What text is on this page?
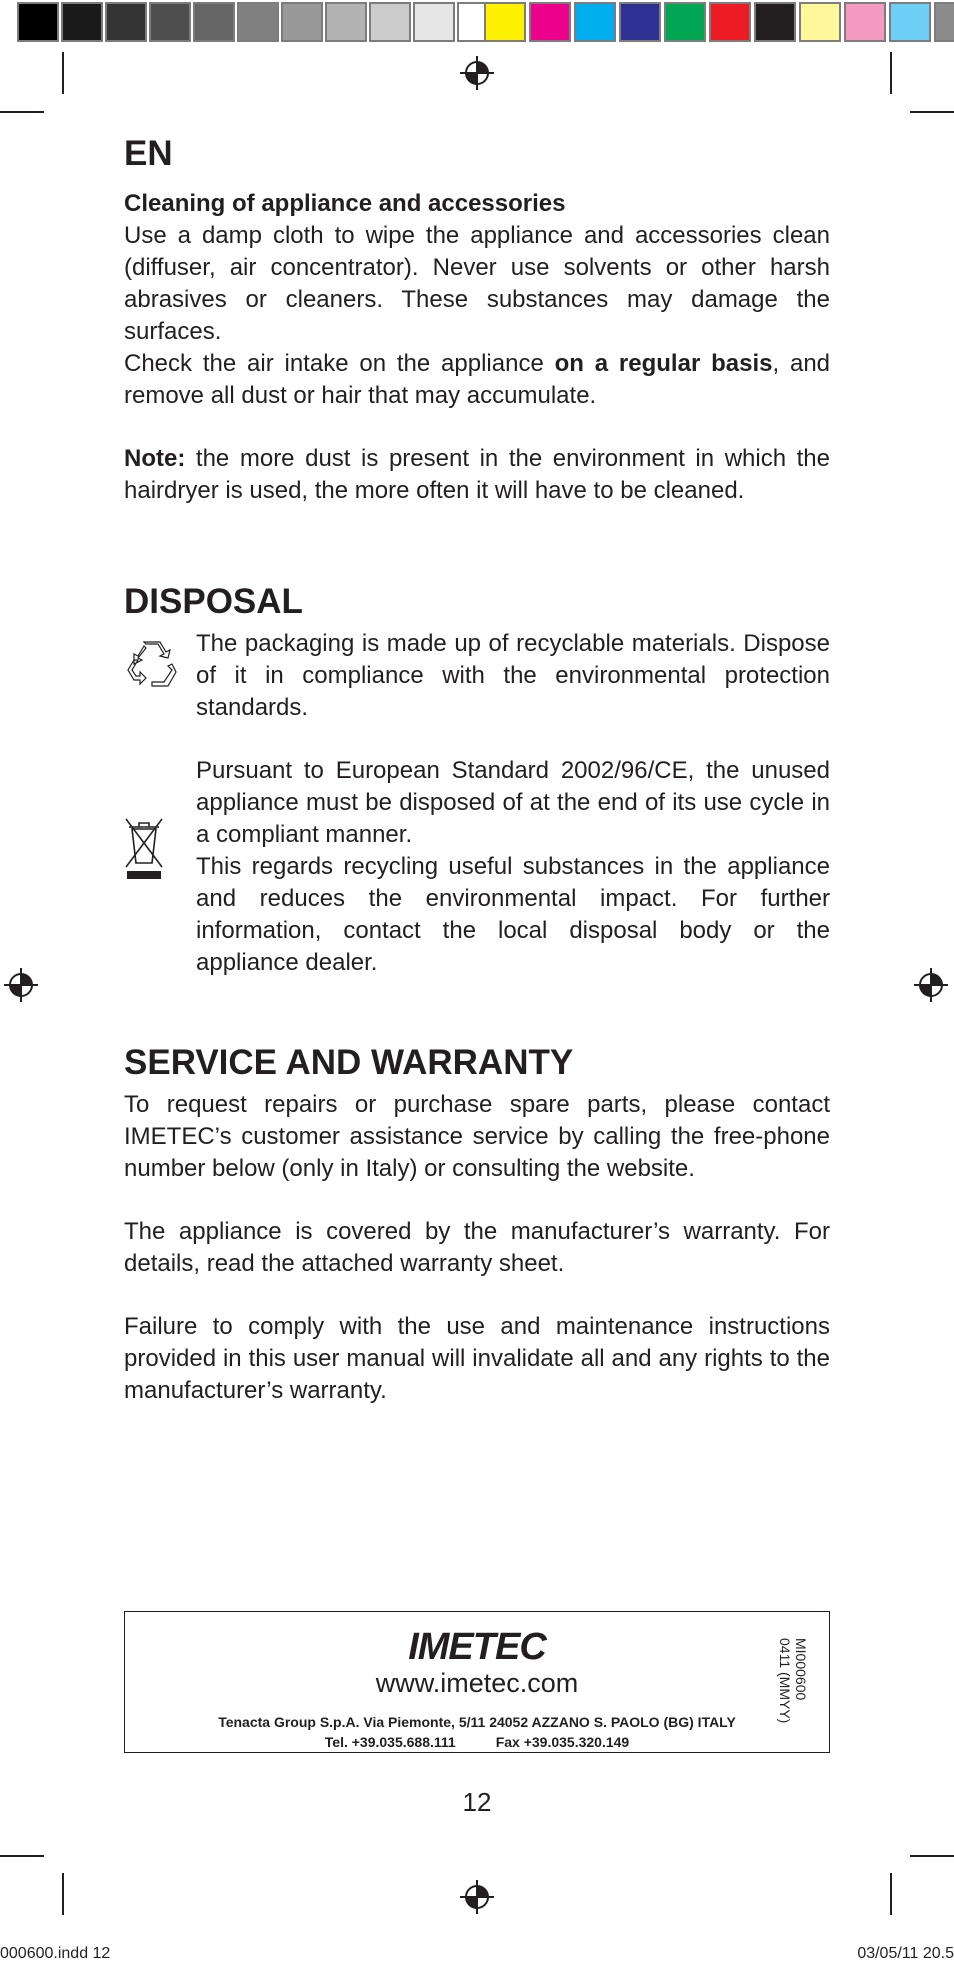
EN
Cleaning of appliance and accessories

Use a damp cloth to wipe the appliance and accessories clean (diffuser, air concentrator). Never use solvents or other harsh abrasives or cleaners. These substances may damage the surfaces.

Check the air intake on the appliance on a regular basis, and remove all dust or hair that may accumulate.

Note: the more dust is present in the environment in which the hairdryer is used, the more often it will have to be cleaned.

DISPOSAL

The packaging is made up of recyclable materials. Dispose of it in compliance with the environmental protection standards.

Pursuant to European Standard 2002/96/CE, the unused appliance must be disposed of at the end of its use cycle in a compliant manner.

This regards recycling useful substances in the appliance and reduces the environmental impact. For further information, contact the local disposal body or the appliance dealer.

SERVICE AND WARRANTY

To request repairs or purchase spare parts, please contact IMETEC’s customer assistance service by calling the free-phone number below (only in Italy) or consulting the website.

The appliance is covered by the manufacturer’s warranty. For details, read the attached warranty sheet.

Failure to comply with the use and maintenance instructions provided in this user manual will invalidate all and any rights to the manufacturer’s warranty.

IMETEC
www.imetec.com
Tenacta Group S.p.A. Via Piemonte, 5/11 24052 AZZANO S. PAOLO (BG) ITALY
Tel. +39.035.688.111	Fax +39.035.320.149
MI000600
0411 (MMYY)
12
000600.indd 12	03/05/11 20.5
